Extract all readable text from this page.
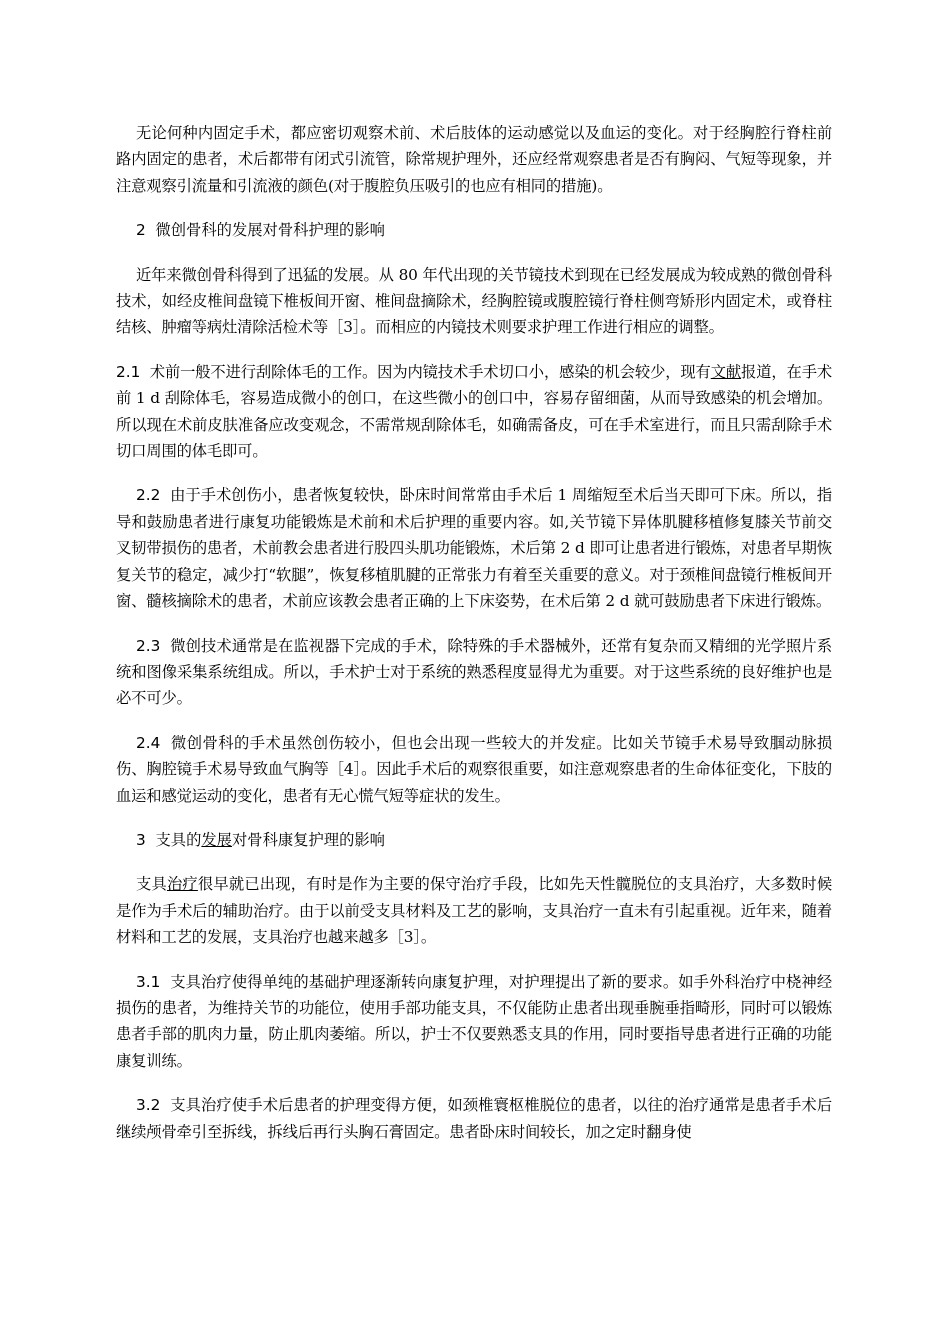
无论何种内固定手术，都应密切观察术前、术后肢体的运动感觉以及血运的变化。对于经胸腔行脊柱前路内固定的患者，术后都带有闭式引流管，除常规护理外，还应经常观察患者是否有胸闷、气短等现象，并注意观察引流量和引流液的颜色(对于腹腔负压吸引的也应有相同的措施)。

2 微创骨科的发展对骨科护理的影响

近年来微创骨科得到了迅猛的发展。从 80 年代出现的关节镜技术到现在已经发展成为较成熟的微创骨科技术，如经皮椎间盘镜下椎板间开窗、椎间盘摘除术，经胸腔镜或腹腔镜行脊柱侧弯矫形内固定术，或脊柱结核、肿瘤等病灶清除活检术等［3］。而相应的内镜技术则要求护理工作进行相应的调整。

2.1 术前一般不进行刮除体毛的工作。因为内镜技术手术切口小，感染的机会较少，现有文献报道，在手术前 1 d 刮除体毛，容易造成微小的创口，在这些微小的创口中，容易存留细菌，从而导致感染的机会增加。所以现在术前皮肤准备应改变观念，不需常规刮除体毛，如确需备皮，可在手术室进行，而且只需刮除手术切口周围的体毛即可。

2.2 由于手术创伤小，患者恢复较快，卧床时间常常由手术后 1 周缩短至术后当天即可下床。所以，指导和鼓励患者进行康复功能锻炼是术前和术后护理的重要内容。如,关节镜下异体肌腱移植修复膝关节前交叉韧带损伤的患者，术前教会患者进行股四头肌功能锻炼，术后第 2 d 即可让患者进行锻炼，对患者早期恢复关节的稳定，减少打“软腿”，恢复移植肌腱的正常张力有着至关重要的意义。对于颈椎间盘镜行椎板间开窗、髓核摘除术的患者，术前应该教会患者正确的上下床姿势，在术后第 2 d 就可鼓励患者下床进行锻炼。

2.3 微创技术通常是在监视器下完成的手术，除特殊的手术器械外，还常有复杂而又精细的光学照片系统和图像采集系统组成。所以，手术护士对于系统的熟悉程度显得尤为重要。对于这些系统的良好维护也是必不可少。

2.4 微创骨科的手术虽然创伤较小，但也会出现一些较大的并发症。比如关节镜手术易导致腘动脉损伤、胸腔镜手术易导致血气胸等［4］。因此手术后的观察很重要，如注意观察患者的生命体征变化，下肢的血运和感觉运动的变化，患者有无心慌气短等症状的发生。

3 支具的发展对骨科康复护理的影响

支具治疗很早就已出现，有时是作为主要的保守治疗手段，比如先天性髋脱位的支具治疗，大多数时候是作为手术后的辅助治疗。由于以前受支具材料及工艺的影响，支具治疗一直未有引起重视。近年来，随着材料和工艺的发展，支具治疗也越来越多［3］。

3.1 支具治疗使得单纯的基础护理逐渐转向康复护理，对护理提出了新的要求。如手外科治疗中桡神经损伤的患者，为维持关节的功能位，使用手部功能支具，不仅能防止患者出现垂腕垂指畸形，同时可以锻炼患者手部的肌肉力量，防止肌肉萎缩。所以，护士不仅要熟悉支具的作用，同时要指导患者进行正确的功能康复训练。

3.2 支具治疗使手术后患者的护理变得方便，如颈椎寰枢椎脱位的患者，以往的治疗通常是患者手术后继续颅骨牵引至拆线，拆线后再行头胸石膏固定。患者卧床时间较长，加之定时翻身使
